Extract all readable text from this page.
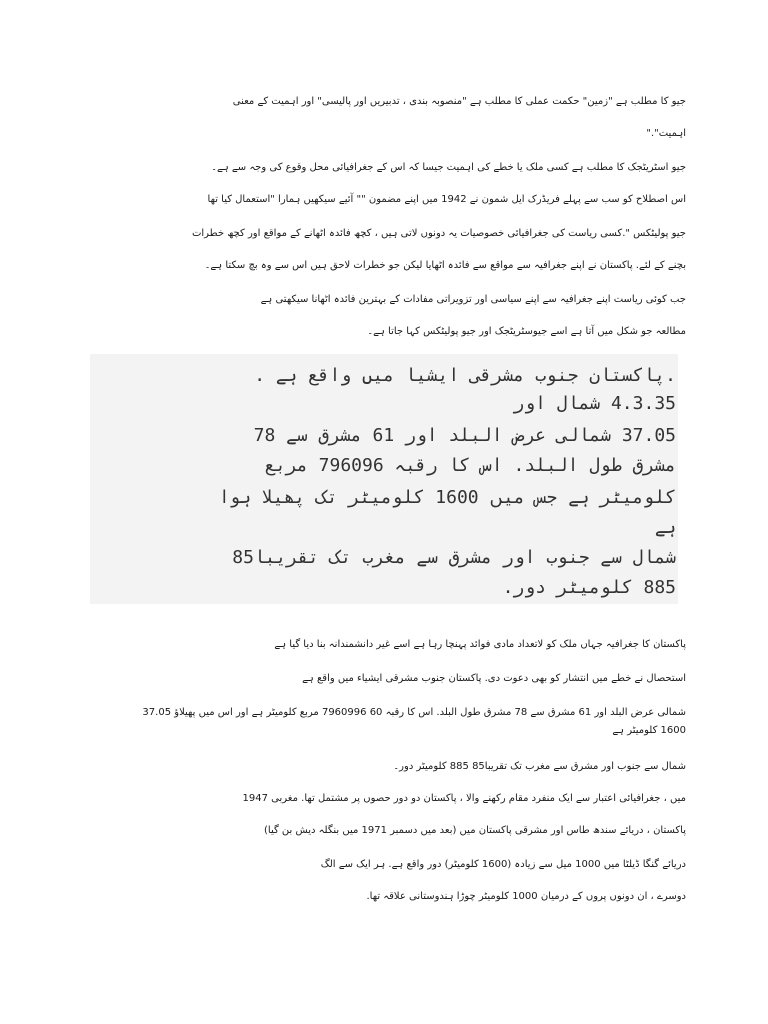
جیو کا مطلب ہے "زمین" حکمت عملی کا مطلب ہے "منصوبہ بندی ، تدبیریں اور پالیسی" اور اہمیت کے معنی
اہمیت"."
جیو اسٹریٹجک کا مطلب ہے کسی ملک یا خطے کی اہمیت جیسا کہ اس کے جغرافیائی محل وقوع کی وجہ سے ہے۔
اس اصطلاح کو سب سے پہلے فریڈرک ایل شمون نے 1942 میں اپنے مضمون "" آئیے سیکھیں ہمارا "استعمال کیا تھا
جیو پولیٹکس ".کسی ریاست کی جغرافیائی خصوصیات یہ دونوں لاتی ہیں ، کچھ فائدہ اٹھانے کے مواقع اور کچھ خطرات
بچنے کے لئے. پاکستان نے اپنے جغرافیہ سے مواقع سے فائدہ اٹھایا لیکن جو خطرات لاحق ہیں اس سے وہ بچ سکتا ہے۔
جب کوئی ریاست اپنے جغرافیہ سے اپنے سیاسی اور تزویراتی مفادات کے بہترین فائدہ اٹھانا سیکھتی ہے
مطالعہ جو شکل میں آتا ہے اسے جیوسٹریٹجک اور جیو پولیٹکس کہا جاتا ہے۔
.پاکستان جنوب مشرقی ایشیا میں واقع ہے .
4.3.35 شمال اور
37.05 شمالی عرض البلد اور 61 مشرق سے 78
مشرق طول البلد. اس کا رقبہ 796096 مربع
کلومیٹر ہے جس میں 1600 کلومیٹر تک پھیلا ہوا
ہے
شمال سے جنوب اور مشرق سے مغرب تک تقریبا85
885 کلومیٹر دور.
پاکستان کا جغرافیہ جہاں ملک کو لاتعداد مادی فوائد پہنچا رہا ہے اسے غیر دانشمندانہ بنا دیا گیا ہے
استحصال نے خطے میں انتشار کو بھی دعوت دی. پاکستان جنوب مشرقی ایشیاء میں واقع ہے
شمالی عرض البلد اور 61 مشرق سے 78 مشرق طول البلد. اس کا رقبہ 60 7960996 مربع کلومیٹر ہے اور اس میں پھیلاؤ 37.05
1600 کلومیٹر ہے
شمال سے جنوب اور مشرق سے مغرب تک تقریبا85 885 کلومیٹر دور۔
میں ، جغرافیائی اعتبار سے ایک منفرد مقام رکھنے والا ، پاکستان دو دور حصوں پر مشتمل تھا. مغربی 1947
پاکستان ، دریائے سندھ طاس اور مشرقی پاکستان میں (بعد میں دسمبر 1971 میں بنگلہ دیش بن گیا)
دریائے گنگا ڈیلٹا میں 1000 میل سے زیادہ (1600 کلومیٹر) دور واقع ہے. ہر ایک سے الگ
دوسرے ، ان دونوں پروں کے درمیان 1000 کلومیٹر چوڑا ہندوستانی علاقہ تھا.
